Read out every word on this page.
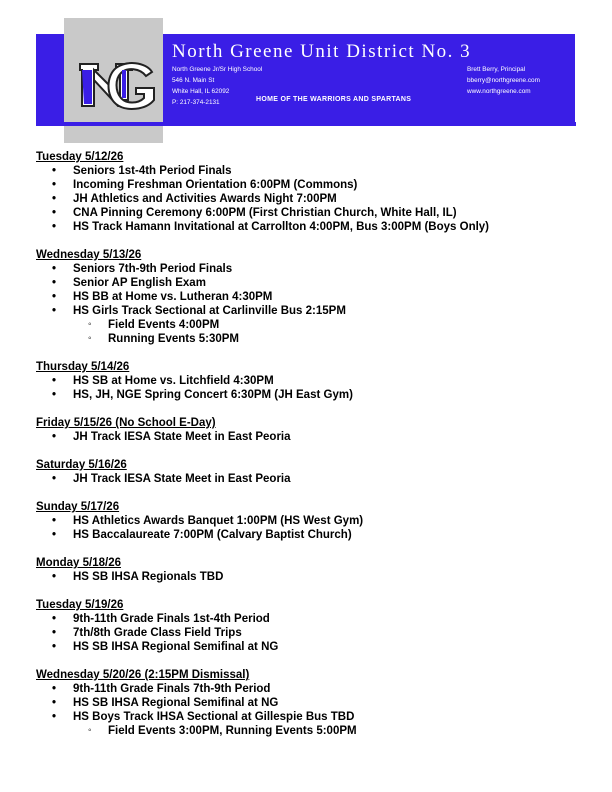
North Greene Unit District No. 3
North Greene Jr/Sr High School
546 N. Main St
White Hall, IL 62092
P: 217-374-2131
Brett Berry, Principal
bberry@northgreene.com
www.northgreene.com
HOME OF THE WARRIORS AND SPARTANS
Tuesday 5/12/26
• Seniors 1st-4th Period Finals
• Incoming Freshman Orientation 6:00PM (Commons)
• JH Athletics and Activities Awards Night 7:00PM
• CNA Pinning Ceremony 6:00PM (First Christian Church, White Hall, IL)
• HS Track Hamann Invitational at Carrollton 4:00PM, Bus 3:00PM (Boys Only)
Wednesday 5/13/26
• Seniors 7th-9th Period Finals
• Senior AP English Exam
• HS BB at Home vs. Lutheran 4:30PM
• HS Girls Track Sectional at Carlinville Bus 2:15PM
◦ Field Events 4:00PM
◦ Running Events 5:30PM
Thursday 5/14/26
• HS SB at Home vs. Litchfield 4:30PM
• HS, JH, NGE Spring Concert 6:30PM (JH East Gym)
Friday 5/15/26 (No School E-Day)
• JH Track IESA State Meet in East Peoria
Saturday 5/16/26
• JH Track IESA State Meet in East Peoria
Sunday 5/17/26
• HS Athletics Awards Banquet 1:00PM (HS West Gym)
• HS Baccalaureate 7:00PM (Calvary Baptist Church)
Monday 5/18/26
• HS SB IHSA Regionals TBD
Tuesday 5/19/26
• 9th-11th Grade Finals 1st-4th Period
• 7th/8th Grade Class Field Trips
• HS SB IHSA Regional Semifinal at NG
Wednesday 5/20/26 (2:15PM Dismissal)
• 9th-11th Grade Finals 7th-9th Period
• HS SB IHSA Regional Semifinal at NG
• HS Boys Track IHSA Sectional at Gillespie Bus TBD
◦ Field Events 3:00PM, Running Events 5:00PM
